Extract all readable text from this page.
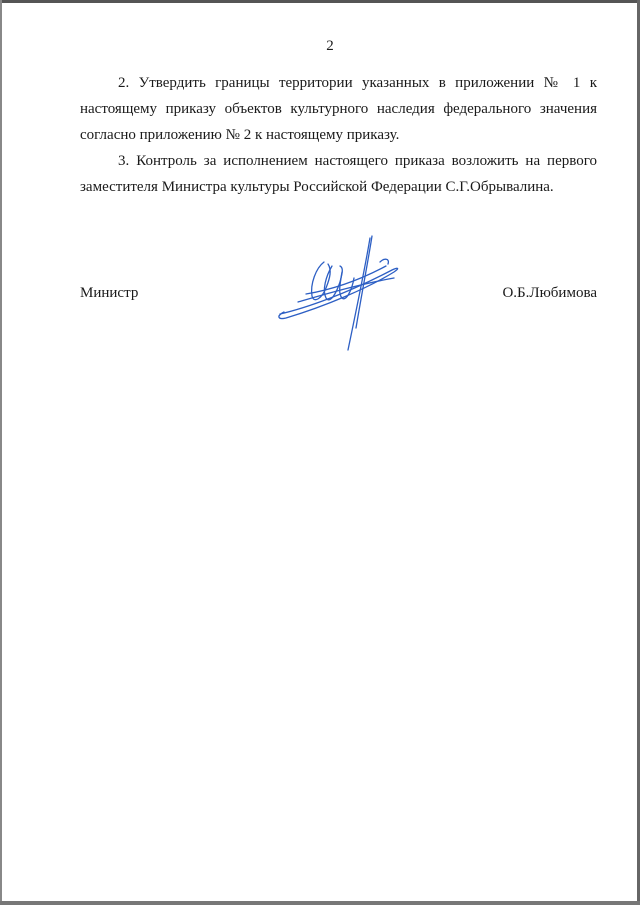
2

2. Утвердить границы территории указанных в приложении № 1 к настоящему приказу объектов культурного наследия федерального значения согласно приложению № 2 к настоящему приказу.

3. Контроль за исполнением настоящего приказа возложить на первого заместителя Министра культуры Российской Федерации С.Г.Обрывалина.

Министр	О.Б.Любимова
